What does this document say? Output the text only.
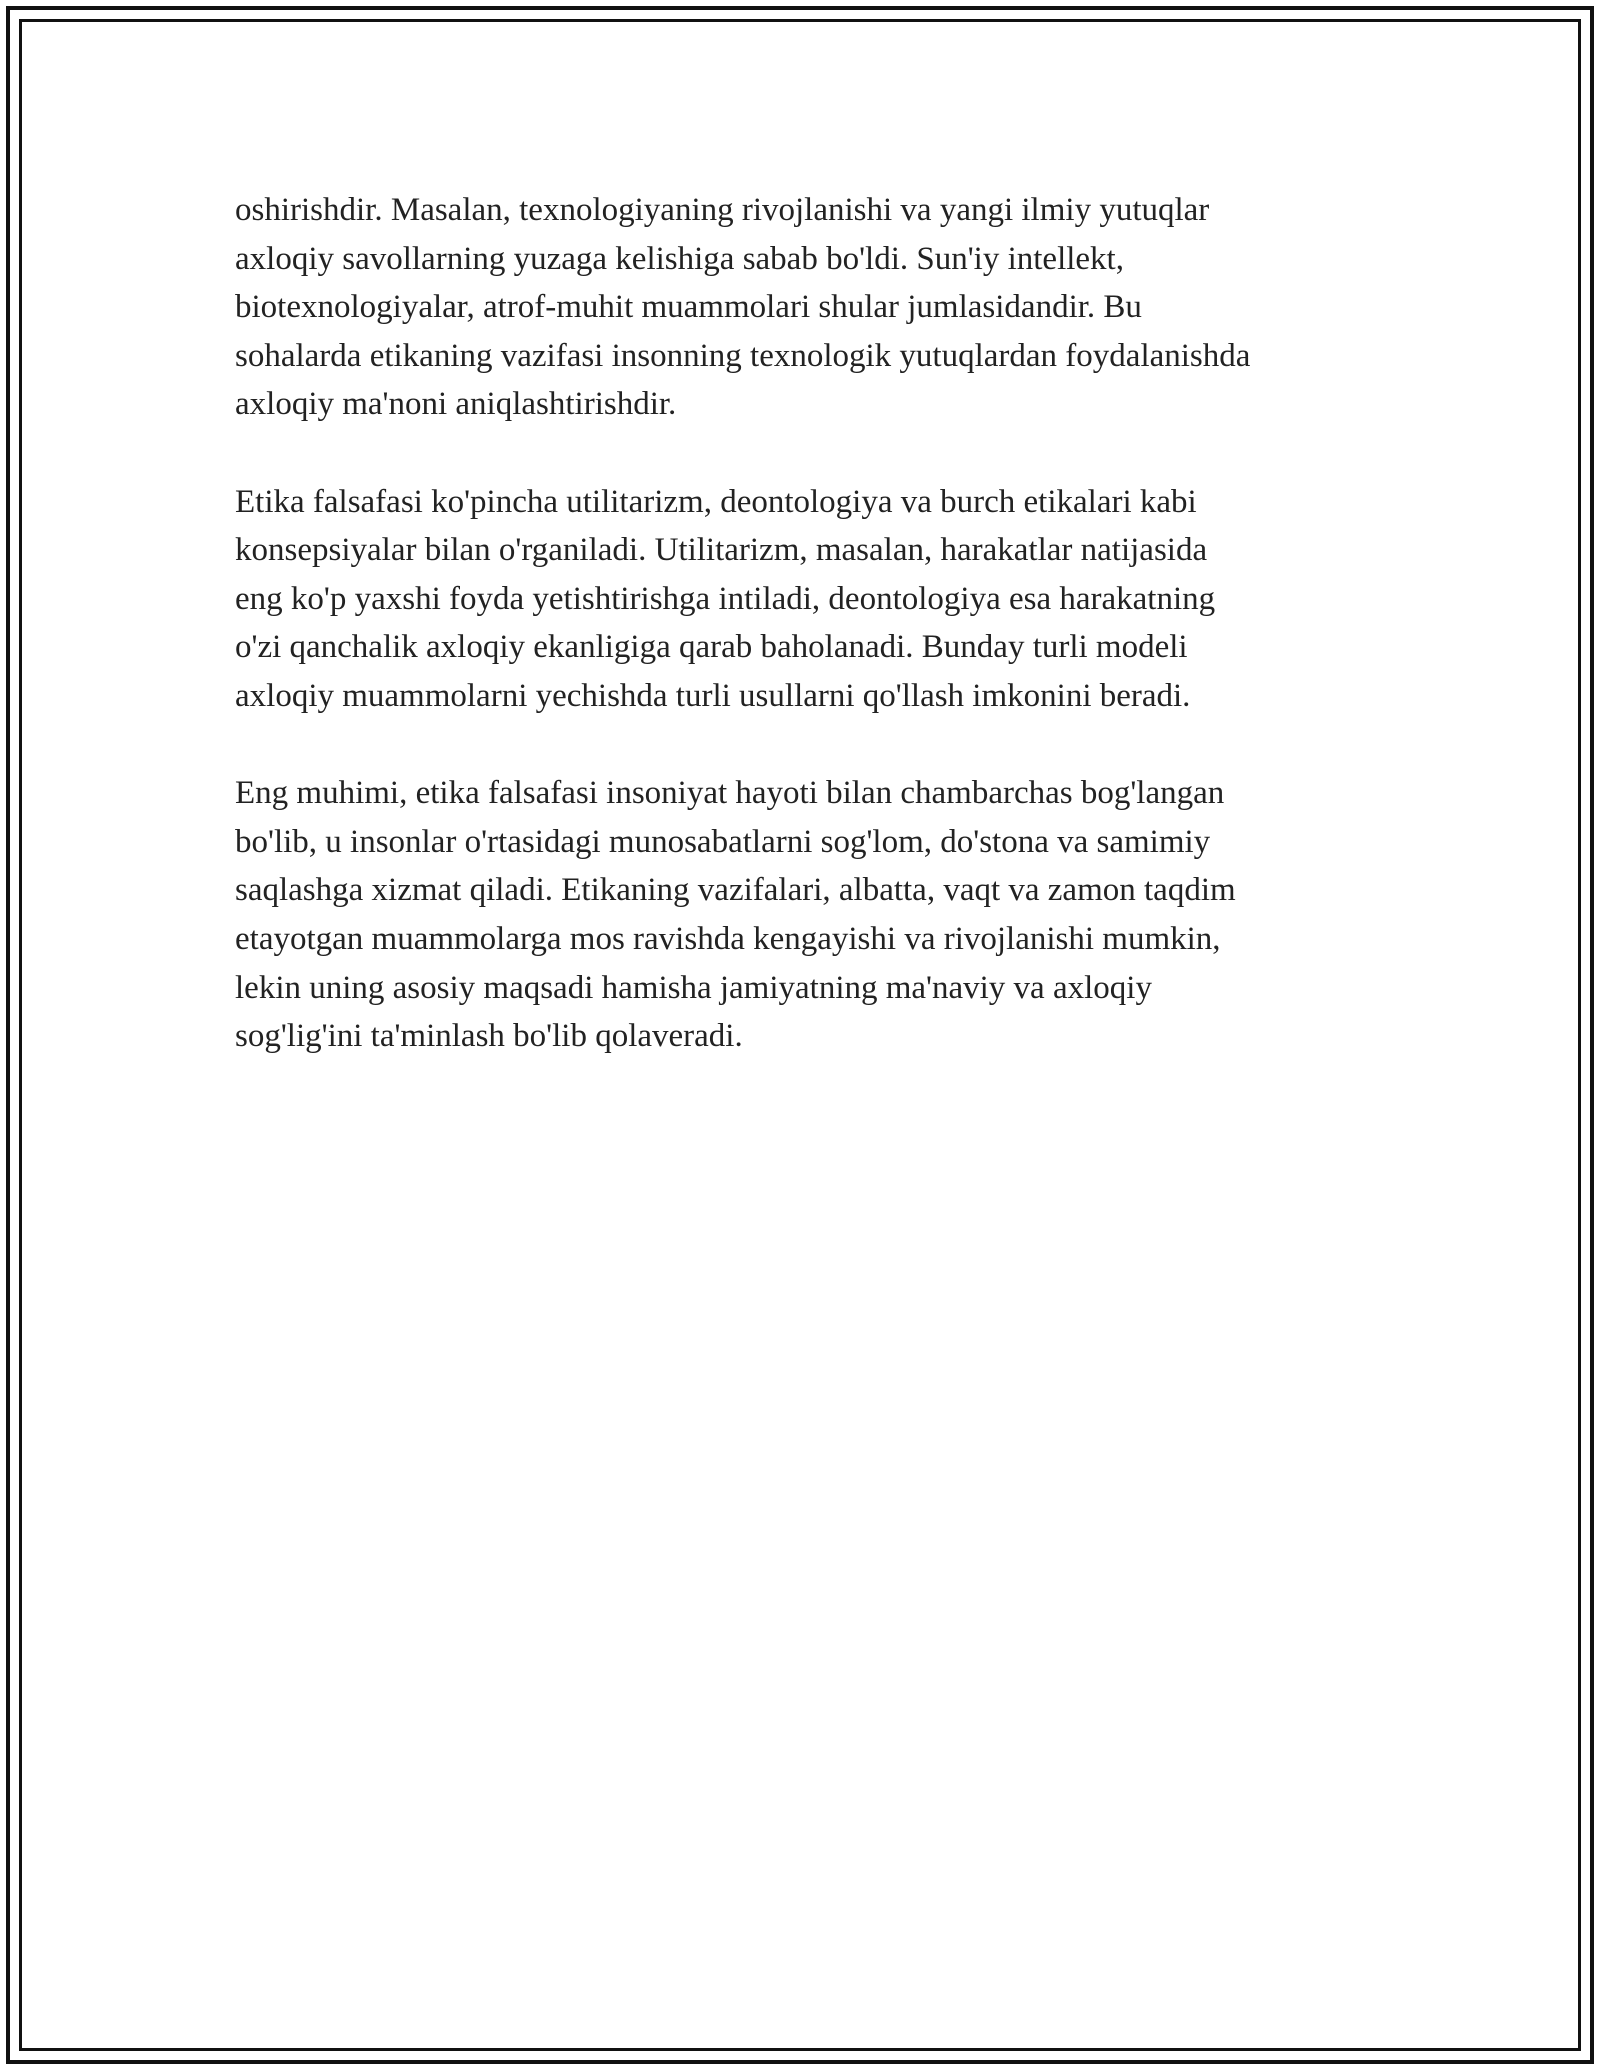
oshirishdir. Masalan, texnologiyaning rivojlanishi va yangi ilmiy yutuqlar
axloqiy savollarning yuzaga kelishiga sabab bo'ldi. Sun'iy intellekt,
biotexnologiyalar, atrof-muhit muammolari shular jumlasidandir. Bu
sohalarda etikaning vazifasi insonning texnologik yutuqlardan foydalanishda
axloqiy ma'noni aniqlashtirishdir.

Etika falsafasi ko'pincha utilitarizm, deontologiya va burch etikalari kabi
konsepsiyalar bilan o'rganiladi. Utilitarizm, masalan, harakatlar natijasida
eng ko'p yaxshi foyda yetishtirishga intiladi, deontologiya esa harakatning
o'zi qanchalik axloqiy ekanligiga qarab baholanadi. Bunday turli modeli
axloqiy muammolarni yechishda turli usullarni qo'llash imkonini beradi.

Eng muhimi, etika falsafasi insoniyat hayoti bilan chambarchas bog'langan
bo'lib, u insonlar o'rtasidagi munosabatlarni sog'lom, do'stona va samimiy
saqlashga xizmat qiladi. Etikaning vazifalari, albatta, vaqt va zamon taqdim
etayotgan muammolarga mos ravishda kengayishi va rivojlanishi mumkin,
lekin uning asosiy maqsadi hamisha jamiyatning ma'naviy va axloqiy
sog'lig'ini ta'minlash bo'lib qolaveradi.
